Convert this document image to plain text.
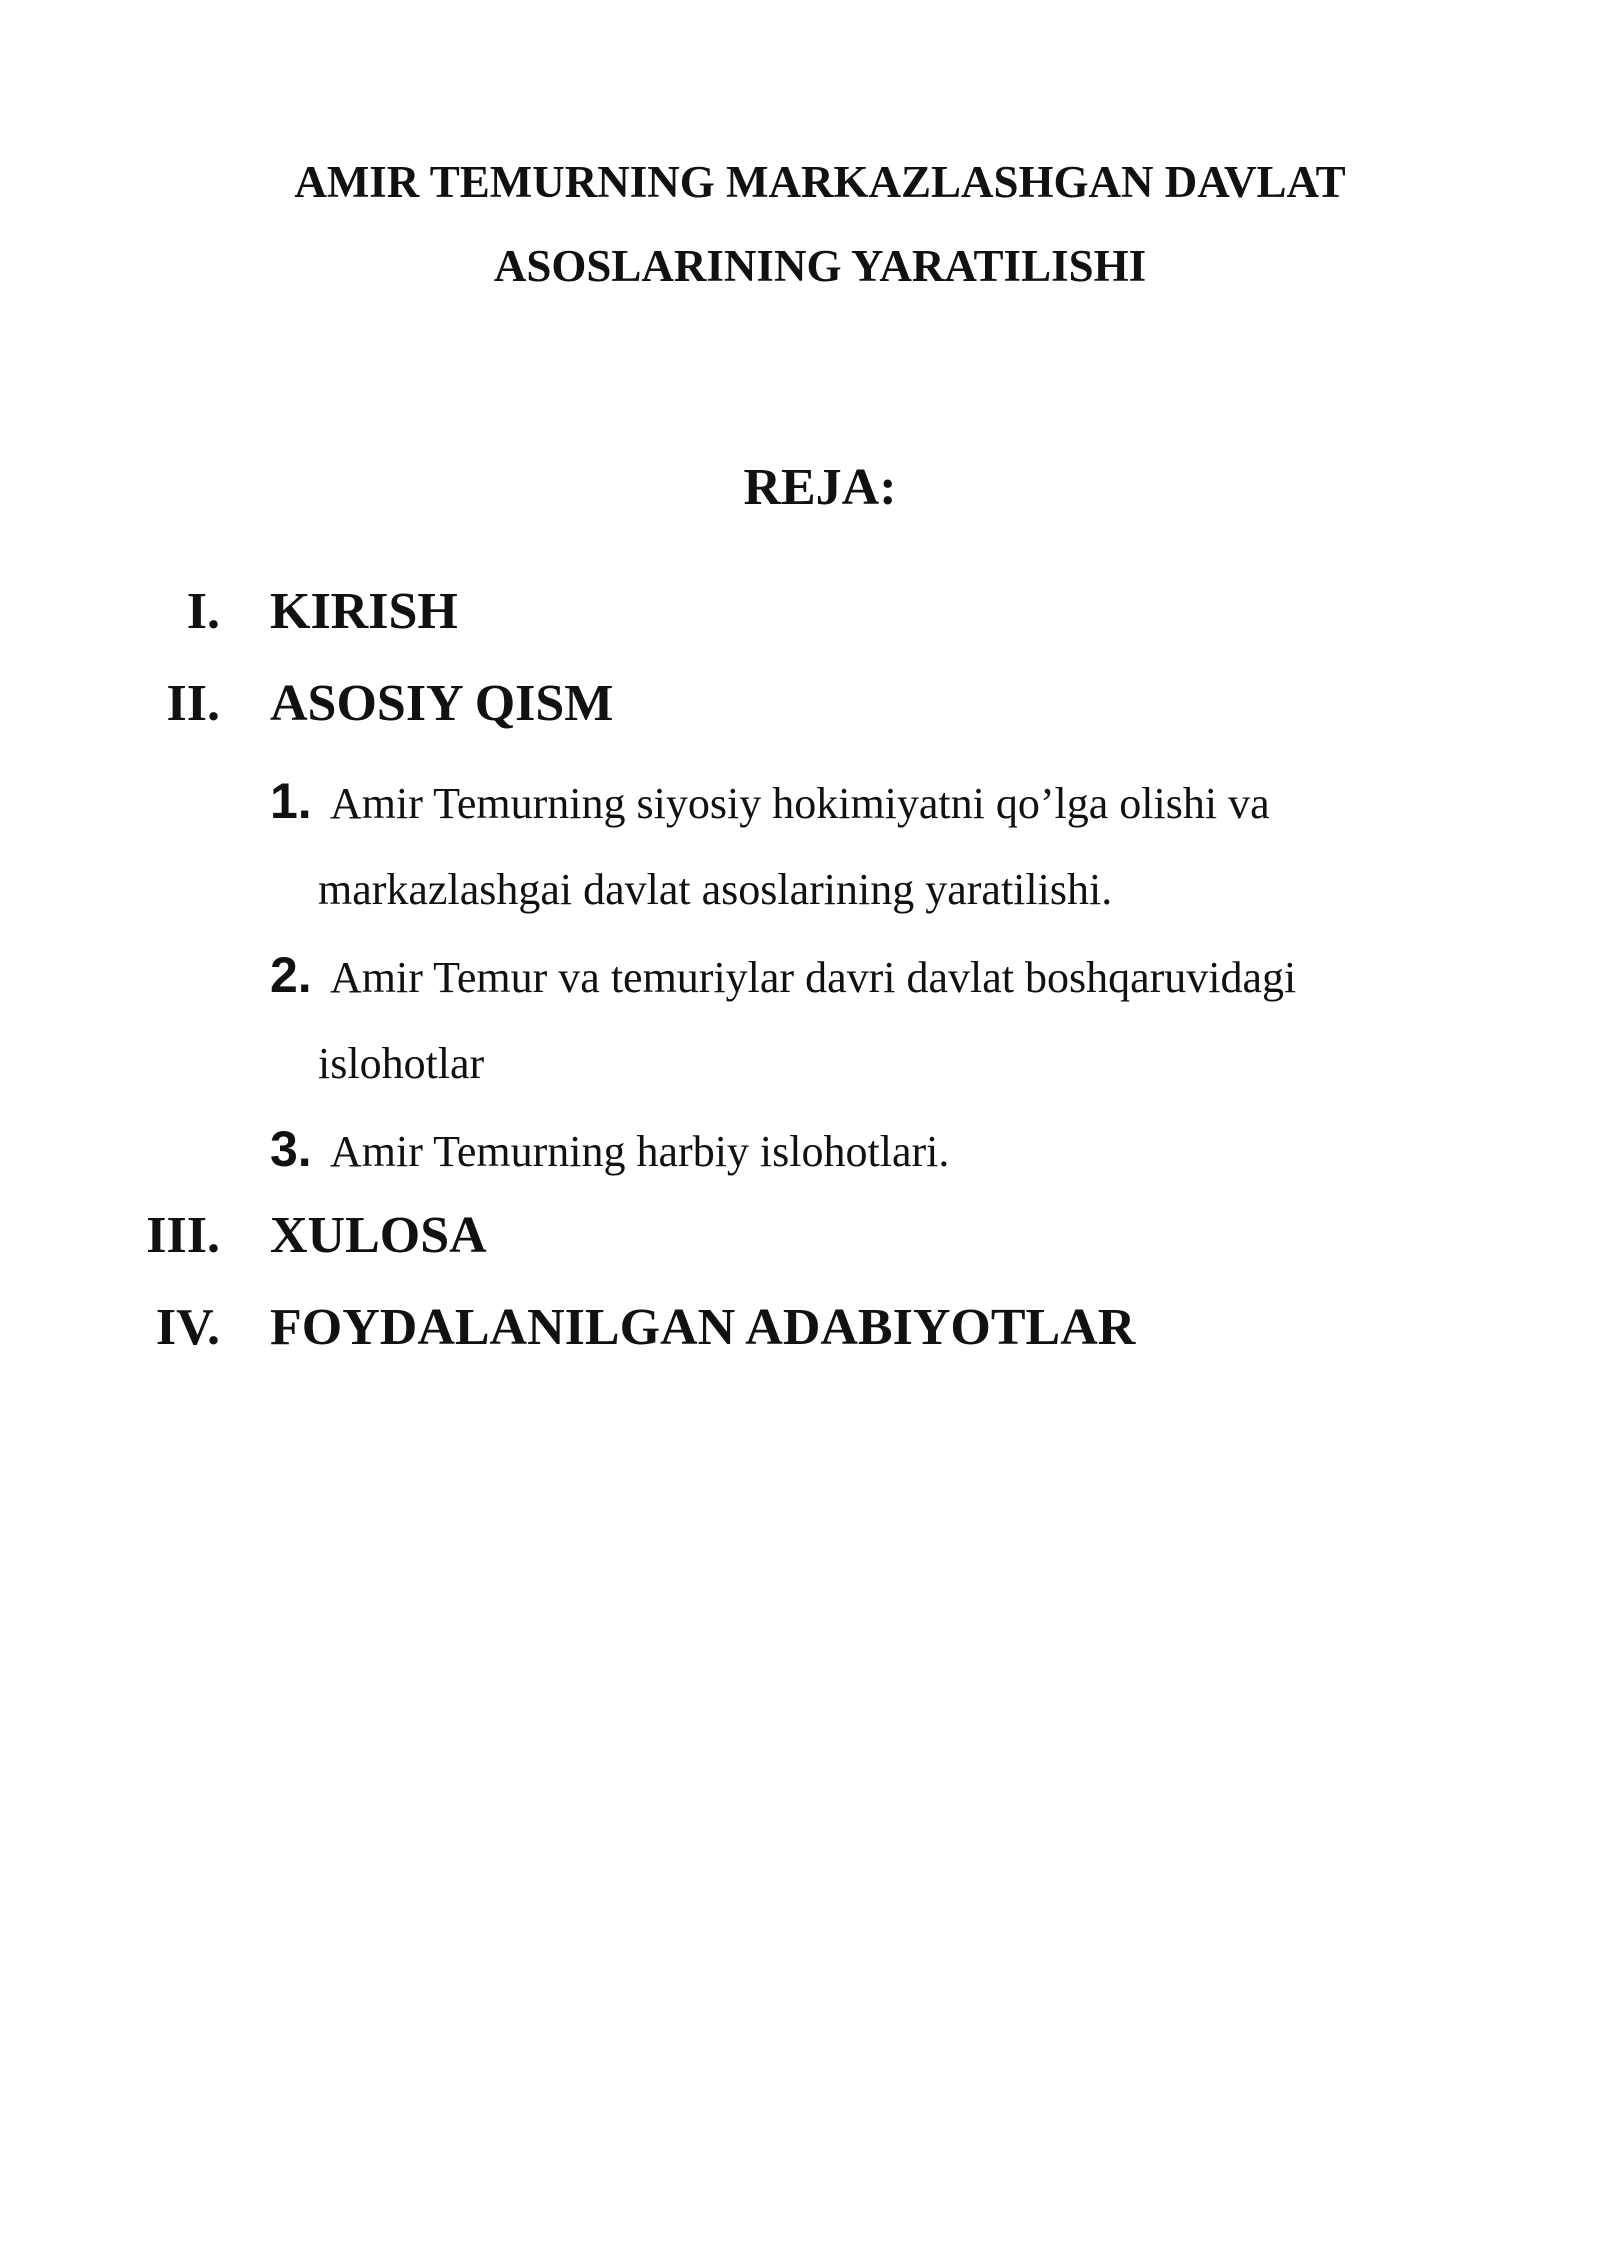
AMIR TEMURNING MARKAZLASHGAN DAVLAT
ASOSLARINING YARATILISHI
REJA:
I. KIRISH
II. ASOSIY QISM
1. Amir Temurning siyosiy hokimiyatni qo’lga olishi va
markazlashgai davlat asoslarining yaratilishi.
2. Amir Temur va temuriylar davri davlat boshqaruvidagi
islohotlar
3. Amir Temurning harbiy islohotlari.
III. XULOSA
IV. FOYDALANILGAN ADABIYOTLAR
